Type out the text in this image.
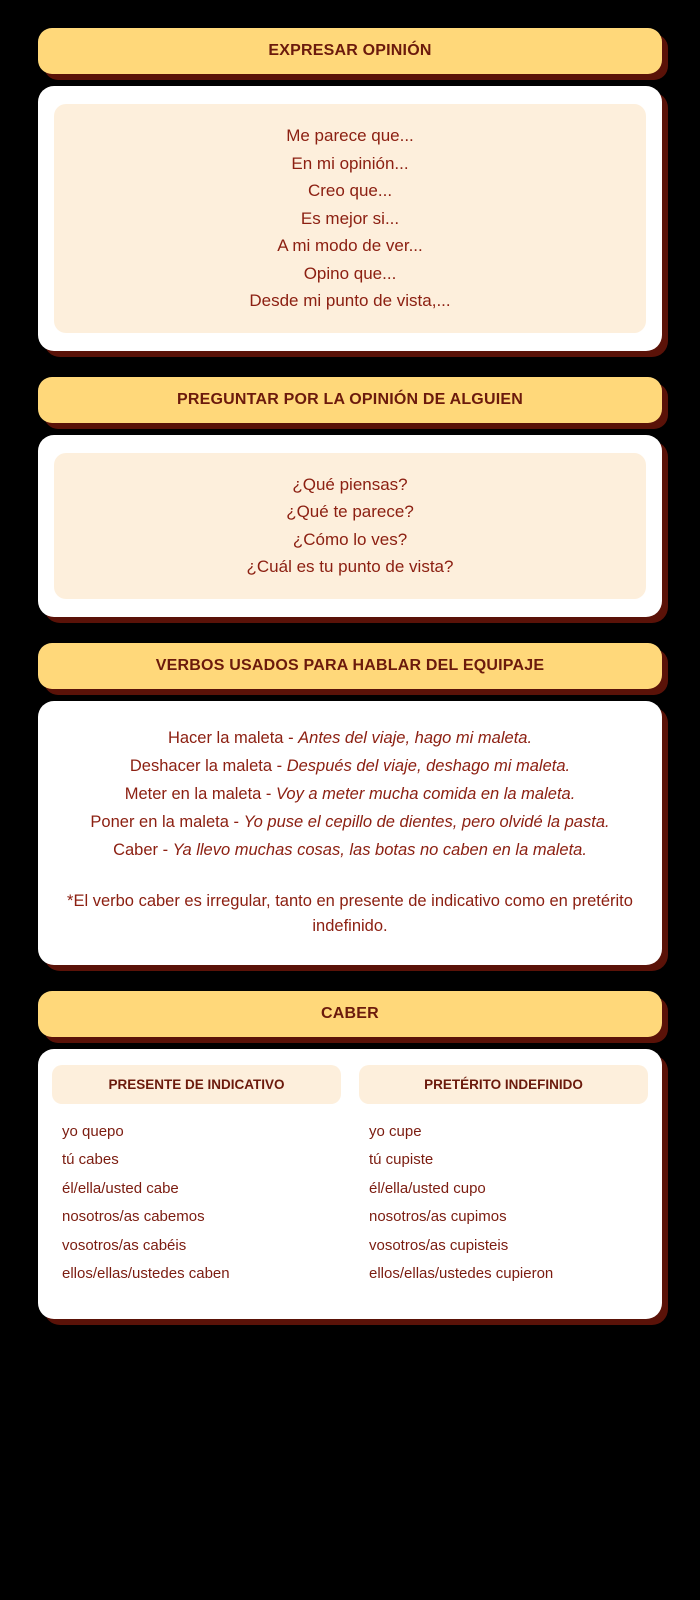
EXPRESAR OPINIÓN
Me parece que...
En mi opinión...
Creo que...
Es mejor si...
A mi modo de ver...
Opino que...
Desde mi punto de vista,...
PREGUNTAR POR LA OPINIÓN DE ALGUIEN
¿Qué piensas?
¿Qué te parece?
¿Cómo lo ves?
¿Cuál es tu punto de vista?
VERBOS USADOS PARA HABLAR DEL EQUIPAJE
Hacer la maleta - Antes del viaje, hago mi maleta.
Deshacer la maleta - Después del viaje, deshago mi maleta.
Meter en la maleta - Voy a meter mucha comida en la maleta.
Poner en la maleta - Yo puse el cepillo de dientes, pero olvidé la pasta.
Caber - Ya llevo muchas cosas, las botas no caben en la maleta.
*El verbo caber es irregular, tanto en presente de indicativo como en pretérito indefinido.
CABER
PRESENTE DE INDICATIVO
yo quepo
tú cabes
él/ella/usted cabe
nosotros/as cabemos
vosotros/as cabéis
ellos/ellas/ustedes caben
PRETÉRITO INDEFINIDO
yo cupe
tú cupiste
él/ella/usted cupo
nosotros/as cupimos
vosotros/as cupisteis
ellos/ellas/ustedes cupieron
